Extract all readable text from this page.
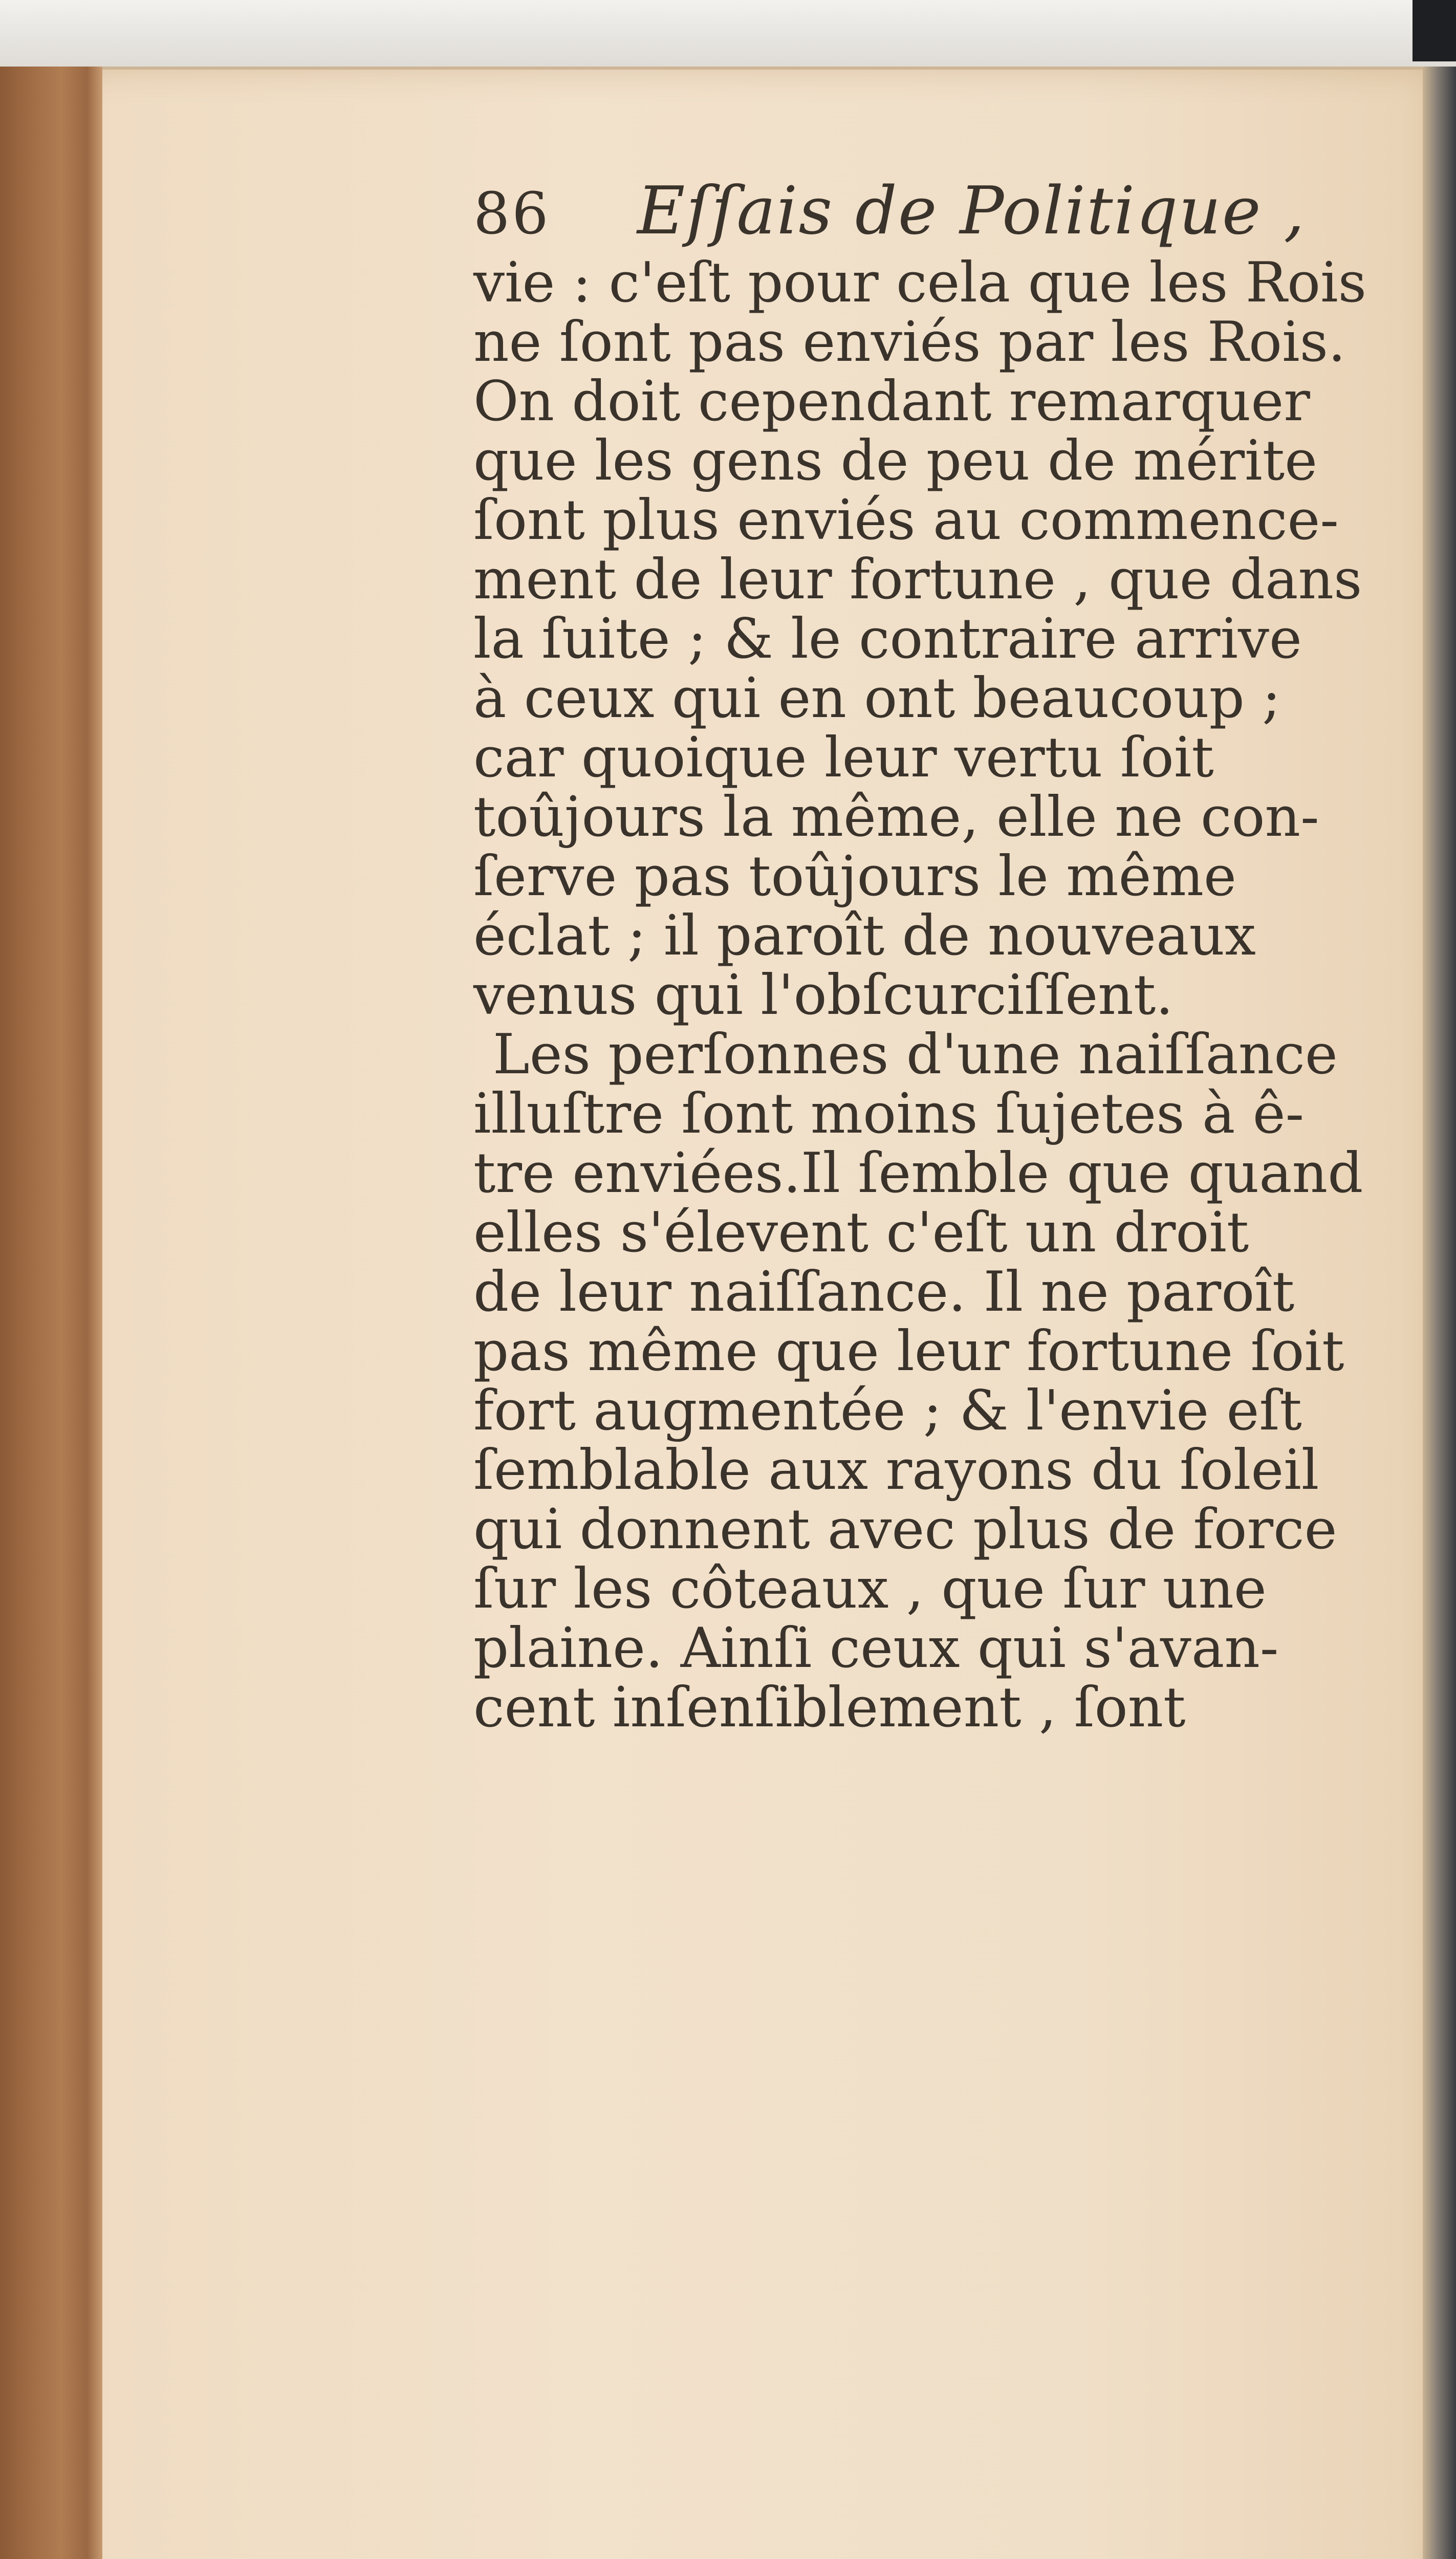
86	Eſſais de Politique ,
vie : c'eſt pour cela que les Rois
ne ſont pas enviés par les Rois.
On doit cependant remarquer
que les gens de peu de mérite
ſont plus enviés au commence-
ment de leur fortune , que dans
la ſuite ; & le contraire arrive
à ceux qui en ont beaucoup ;
car quoique leur vertu ſoit
toûjours la même, elle ne con-
ſerve pas toûjours le même
éclat ; il paroît de nouveaux
venus qui l'obſcurciſſent.
Les perſonnes d'une naiſſance
illuſtre ſont moins ſujetes à ê-
tre enviées.Il ſemble que quand
elles s'élevent c'eſt un droit
de leur naiſſance. Il ne paroît
pas même que leur fortune ſoit
fort augmentée ; & l'envie eſt
ſemblable aux rayons du ſoleil
qui donnent avec plus de force
ſur les côteaux , que ſur une
plaine. Ainſi ceux qui s'avan-
cent inſenſiblement , ſont
